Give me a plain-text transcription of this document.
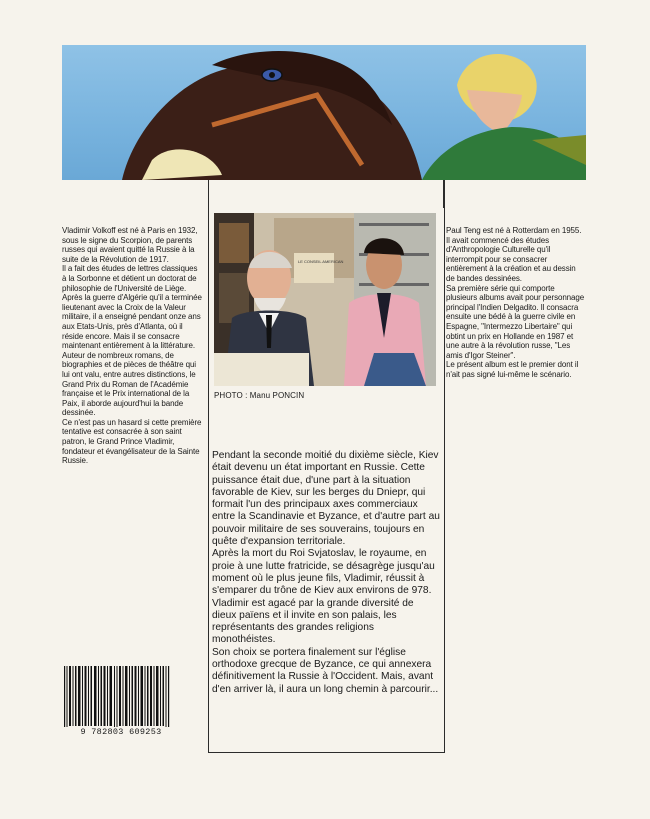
Vladimir Volkoff est né à Paris en 1932, sous le signe du Scorpion, de parents russes qui avaient quitté la Russie à la suite de la Révolution de 1917.

Il a fait des études de lettres classiques à la Sorbonne et détient un doctorat de philosophie de l'Université de Liège.

Après la guerre d'Algérie qu'il a terminée lieutenant avec la Croix de la Valeur militaire, il a enseigné pendant onze ans aux Etats-Unis, près d'Atlanta, où il réside encore. Mais il se consacre maintenant entièrement à la littérature. Auteur de nombreux romans, de biographies et de pièces de théâtre qui lui ont valu, entre autres distinctions, le Grand Prix du Roman de l'Académie française et le Prix international de la Paix, il aborde aujourd'hui la bande dessinée.

Ce n'est pas un hasard si cette première tentative est consacrée à son saint patron, le Grand Prince Vladimir, fondateur et évangélisateur de la Sainte Russie.

LE CONSEIL AMERICAN
PHOTO : Manu PONCIN

Pendant la seconde moitié du dixième siècle, Kiev était devenu un état important en Russie. Cette puissance était due, d'une part à la situation favorable de Kiev, sur les berges du Dniepr, qui formait l'un des principaux axes commerciaux entre la Scandinavie et Byzance, et d'autre part au pouvoir militaire de ses souverains, toujours en quête d'expansion territoriale.

Après la mort du Roi Svjatoslav, le royaume, en proie à une lutte fratricide, se désagrège jusqu'au moment où le plus jeune fils, Vladimir, réussit à s'emparer du trône de Kiev aux environs de 978.

Vladimir est agacé par la grande diversité de dieux païens et il invite en son palais, les représentants des grandes religions monothéistes.

Son choix se portera finalement sur l'église orthodoxe grecque de Byzance, ce qui annexera définitivement la Russie à l'Occident. Mais, avant d'en arriver là, il aura un long chemin à parcourir...

Paul Teng est né à Rotterdam en 1955.

Il avait commencé des études d'Anthropologie Culturelle qu'il interrompit pour se consacrer entièrement à la création et au dessin de bandes dessinées.

Sa première série qui comporte plusieurs albums avait pour personnage principal l'Indien Delgadito. Il consacra ensuite une bédé à la guerre civile en Espagne, "Intermezzo Libertaire" qui obtint un prix en Hollande en 1987 et une autre à la révolution russe, "Les amis d'Igor Steiner".

Le présent album est le premier dont il n'ait pas signé lui-même le scénario.

9 782803 609253
